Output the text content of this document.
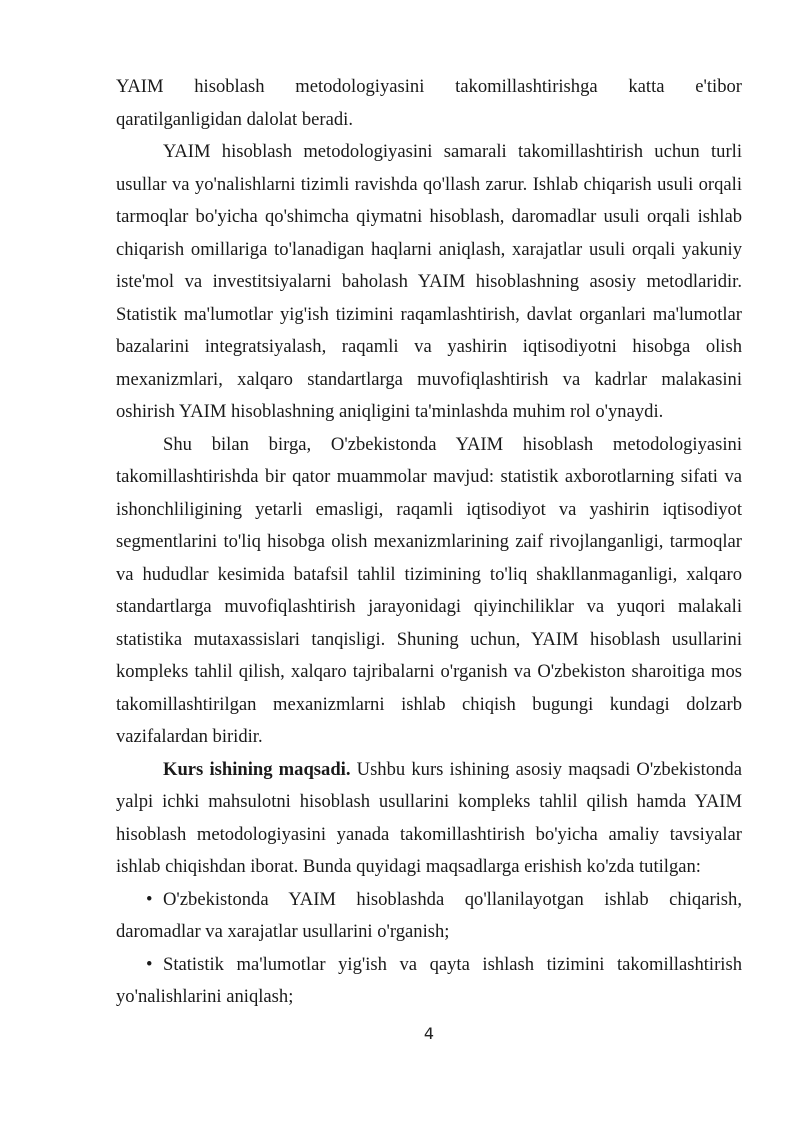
YAIM hisoblash metodologiyasini takomillashtirishga katta e'tibor qaratilganligidan dalolat beradi.

YAIM hisoblash metodologiyasini samarali takomillashtirish uchun turli usullar va yo'nalishlarni tizimli ravishda qo'llash zarur. Ishlab chiqarish usuli orqali tarmoqlar bo'yicha qo'shimcha qiymatni hisoblash, daromadlar usuli orqali ishlab chiqarish omillariga to'lanadigan haqlarni aniqlash, xarajatlar usuli orqali yakuniy iste'mol va investitsiyalarni baholash YAIM hisoblashning asosiy metodlaridir. Statistik ma'lumotlar yig'ish tizimini raqamlashtirish, davlat organlari ma'lumotlar bazalarini integratsiyalash, raqamli va yashirin iqtisodiyotni hisobga olish mexanizmlari, xalqaro standartlarga muvofiqlashtirish va kadrlar malakasini oshirish YAIM hisoblashning aniqligini ta'minlashda muhim rol o'ynaydi.

Shu bilan birga, O'zbekistonda YAIM hisoblash metodologiyasini takomillashtirishda bir qator muammolar mavjud: statistik axborotlarning sifati va ishonchliligining yetarli emasligi, raqamli iqtisodiyot va yashirin iqtisodiyot segmentlarini to'liq hisobga olish mexanizmlarining zaif rivojlanganligi, tarmoqlar va hududlar kesimida batafsil tahlil tizimining to'liq shakllanmaganligi, xalqaro standartlarga muvofiqlashtirish jarayonidagi qiyinchiliklar va yuqori malakali statistika mutaxassislari tanqisligi. Shuning uchun, YAIM hisoblash usullarini kompleks tahlil qilish, xalqaro tajribalarni o'rganish va O'zbekiston sharoitiga mos takomillashtirilgan mexanizmlarni ishlab chiqish bugungi kundagi dolzarb vazifalardan biridir.

Kurs ishining maqsadi. Ushbu kurs ishining asosiy maqsadi O'zbekistonda yalpi ichki mahsulotni hisoblash usullarini kompleks tahlil qilish hamda YAIM hisoblash metodologiyasini yanada takomillashtirish bo'yicha amaliy tavsiyalar ishlab chiqishdan iborat. Bunda quyidagi maqsadlarga erishish ko'zda tutilgan:

• O'zbekistonda YAIM hisoblashda qo'llanilayotgan ishlab chiqarish, daromadlar va xarajatlar usullarini o'rganish;

• Statistik ma'lumotlar yig'ish va qayta ishlash tizimini takomillashtirish yo'nalishlarini aniqlash;

4
